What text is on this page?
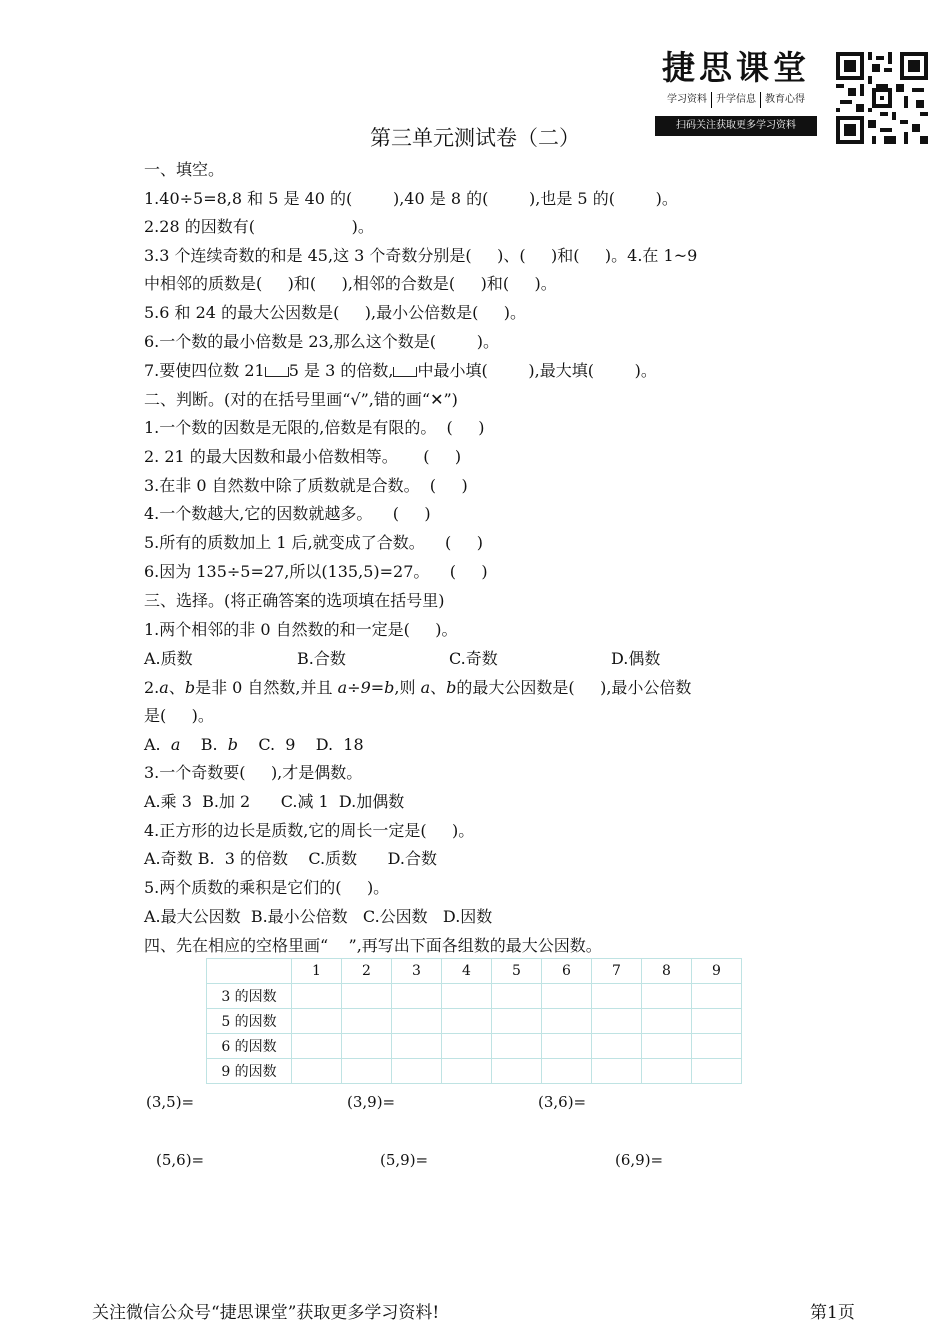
捷思课堂
学习资料 升学信息 教育心得
扫码关注获取更多学习资料
第三单元测试卷（二）
一、填空。
1.40÷5=8,8 和 5 是 40 的(        ),40 是 8 的(        ),也是 5 的(        )。
2.28 的因数有(                   )。
3.3 个连续奇数的和是 45,这 3 个奇数分别是(     )、(     )和(     )。4.在 1~9
中相邻的质数是(     )和(     ),相邻的合数是(     )和(     )。
5.6 和 24 的最大公因数是(     ),最小公倍数是(     )。
6.一个数的最小倍数是 23,那么这个数是(        )。
7.要使四位数 21 5 是 3 的倍数, 中最小填(        ),最大填(        )。
二、判断。(对的在括号里画“√”,错的画“✕”)
1.一个数的因数是无限的,倍数是有限的。  (     )
2. 21 的最大因数和最小倍数相等。     (     )
3.在非 0 自然数中除了质数就是合数。  (     )
4.一个数越大,它的因数就越多。    (     )
5.所有的质数加上 1 后,就变成了合数。    (     )
6.因为 135÷5=27,所以(135,5)=27。    (     )
三、选择。(将正确答案的选项填在括号里)
1.两个相邻的非 0 自然数的和一定是(     )。
A.质数	B.合数	C.奇数	D.偶数
2.a、b是非 0 自然数,并且 a÷9=b,则 a、b的最大公因数是(     ),最小公倍数
是(     )。
A. a B. b C.  9    D.  18
3.一个奇数要(     ),才是偶数。
A.乘 3  B.加 2      C.减 1  D.加偶数
4.正方形的边长是质数,它的周长一定是(     )。
A.奇数 B.  3 的倍数    C.质数      D.合数
5.两个质数的乘积是它们的(     )。
A.最大公因数  B.最小公倍数   C.公因数   D.因数
四、先在相应的空格里画“    ”,再写出下面各组数的最大公因数。
	1	2	3	4	5	6	7	8	9
3 的因数									
5 的因数									
6 的因数									
9 的因数									
(3,5)=	(3,9)=	(3,6)=
(5,6)=	(5,9)=	(6,9)=
关注微信公众号“捷思课堂”获取更多学习资料!	第1页
